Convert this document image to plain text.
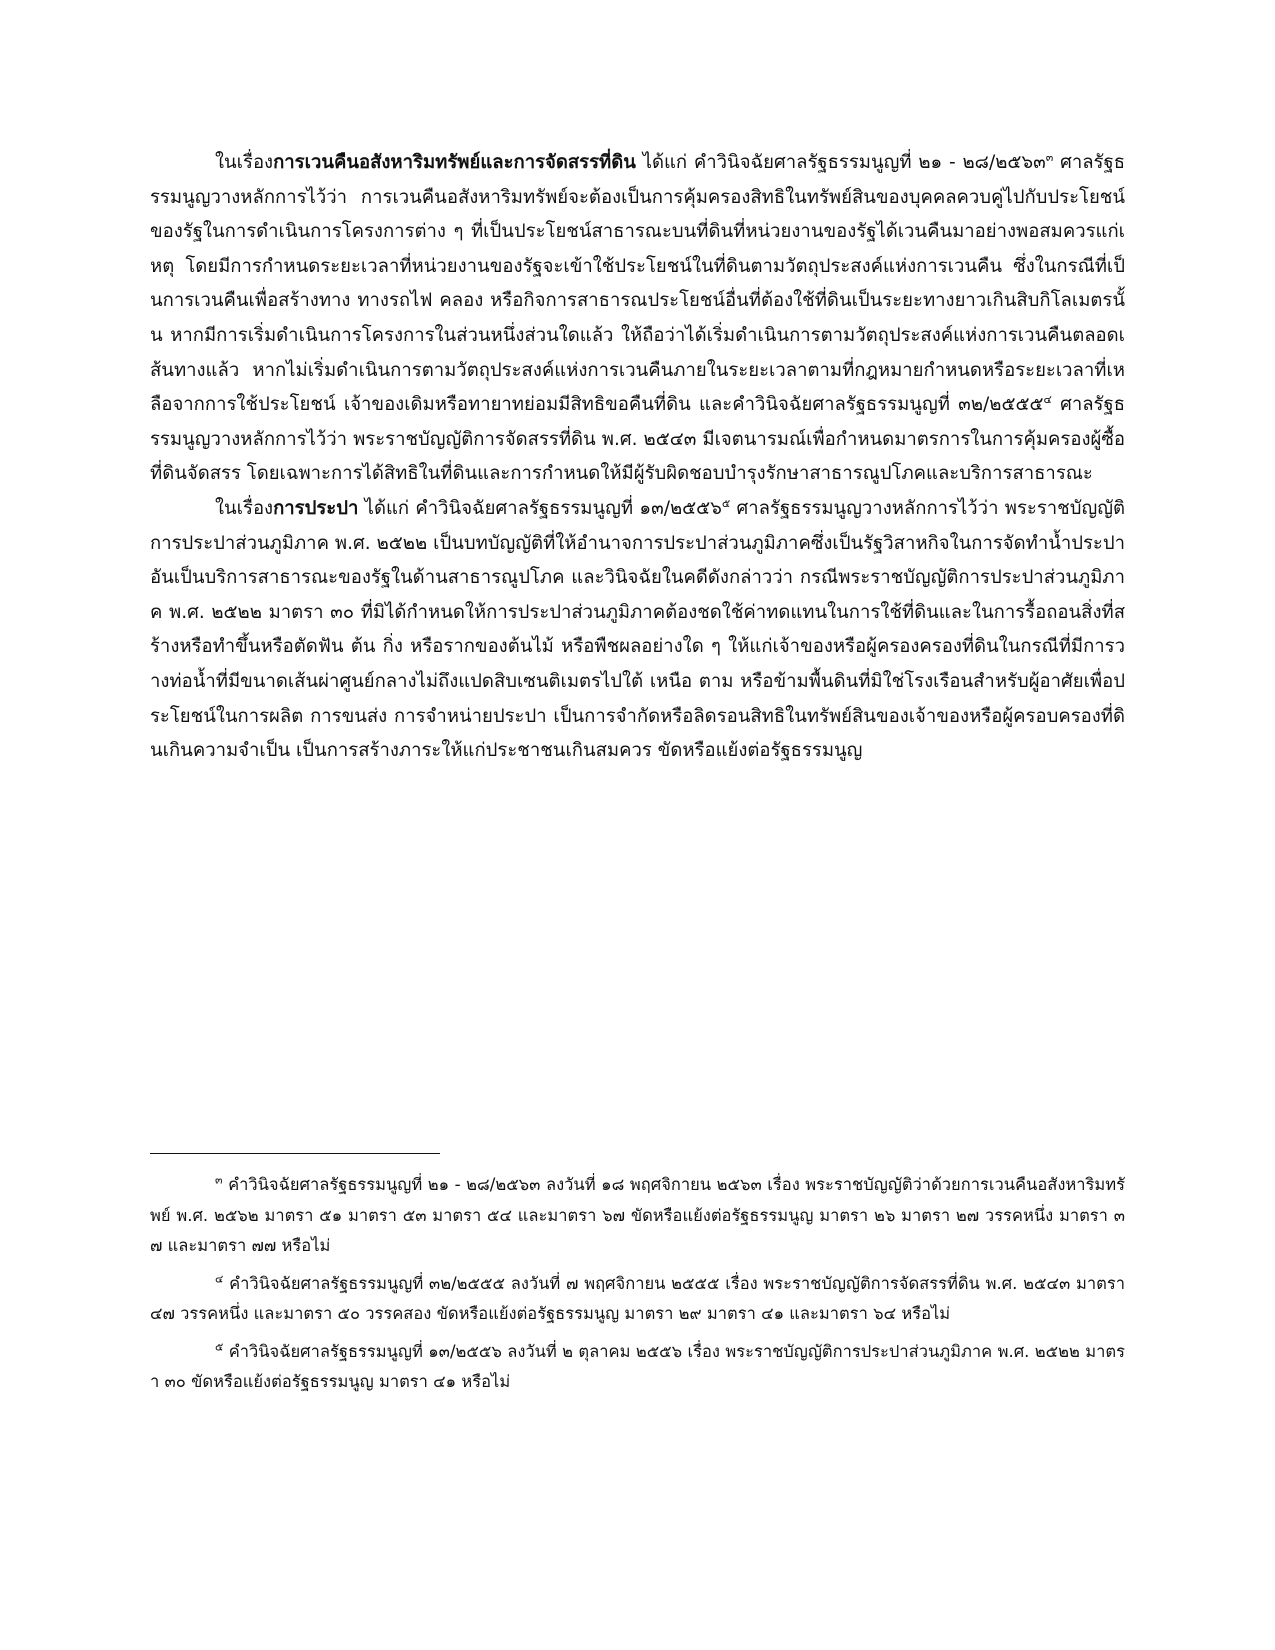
ในเรื่องการเวนคืนอสังหาริมทรัพย์และการจัดสรรที่ดิน ได้แก่ คำวินิจฉัยศาลรัฐธรรมนูญที่ ๒๑ - ๒๘/๒๕๖๓$^๓$ ศาลรัฐธรรมนูญวางหลักการไว้ว่า การเวนคืนอสังหาริมทรัพย์จะต้องเป็นการคุ้มครองสิทธิในทรัพย์สินของบุคคลควบคู่ไปกับประโยชน์ของรัฐในการดำเนินการโครงการต่าง ๆ ที่เป็นประโยชน์สาธารณะบนที่ดินที่หน่วยงานของรัฐได้เวนคืนมาอย่างพอสมควรแก่เหตุ โดยมีการกำหนดระยะเวลาที่หน่วยงานของรัฐจะเข้าใช้ประโยชน์ในที่ดินตามวัตถุประสงค์แห่งการเวนคืน ซึ่งในกรณีที่เป็นการเวนคืนเพื่อสร้างทาง ทางรถไฟ คลอง หรือกิจการสาธารณประโยชน์อื่นที่ต้องใช้ที่ดินเป็นระยะทางยาวเกินสิบกิโลเมตรนั้น หากมีการเริ่มดำเนินการโครงการในส่วนหนึ่งส่วนใดแล้ว ให้ถือว่าได้เริ่มดำเนินการตามวัตถุประสงค์แห่งการเวนคืนตลอดเส้นทางแล้ว หากไม่เริ่มดำเนินการตามวัตถุประสงค์แห่งการเวนคืนภายในระยะเวลาตามที่กฎหมายกำหนดหรือระยะเวลาที่เหลือจากการใช้ประโยชน์ เจ้าของเดิมหรือทายาทย่อมมีสิทธิขอคืนที่ดิน และคำวินิจฉัยศาลรัฐธรรมนูญที่ ๓๒/๒๕๕๕$^๔$ ศาลรัฐธรรมนูญวางหลักการไว้ว่า พระราชบัญญัติการจัดสรรที่ดิน พ.ศ. ๒๕๔๓ มีเจตนารมณ์เพื่อกำหนดมาตรการในการคุ้มครองผู้ซื้อที่ดินจัดสรร โดยเฉพาะการได้สิทธิในที่ดินและการกำหนดให้มีผู้รับผิดชอบบำรุงรักษาสาธารณูปโภคและบริการสาธารณะ

ในเรื่องการประปา ได้แก่ คำวินิจฉัยศาลรัฐธรรมนูญที่ ๑๓/๒๕๕๖$^๕$ ศาลรัฐธรรมนูญวางหลักการไว้ว่า พระราชบัญญัติการประปาส่วนภูมิภาค พ.ศ. ๒๕๒๒ เป็นบทบัญญัติที่ให้อำนาจการประปาส่วนภูมิภาคซึ่งเป็นรัฐวิสาหกิจในการจัดทำน้ำประปา อันเป็นบริการสาธารณะของรัฐในด้านสาธารณูปโภค และวินิจฉัยในคดีดังกล่าวว่า กรณีพระราชบัญญัติการประปาส่วนภูมิภาค พ.ศ. ๒๕๒๒ มาตรา ๓๐ ที่มิได้กำหนดให้การประปาส่วนภูมิภาคต้องชดใช้ค่าทดแทนในการใช้ที่ดินและในการรื้อถอนสิ่งที่สร้างหรือทำขึ้นหรือตัดฟัน ต้น กิ่ง หรือรากของต้นไม้ หรือพืชผลอย่างใด ๆ ให้แก่เจ้าของหรือผู้ครองครองที่ดินในกรณีที่มีการวางท่อน้ำที่มีขนาดเส้นผ่าศูนย์กลางไม่ถึงแปดสิบเซนติเมตรไปใต้ เหนือ ตาม หรือข้ามพื้นดินที่มิใช่โรงเรือนสำหรับผู้อาศัยเพื่อประโยชน์ในการผลิต การขนส่ง การจำหน่ายประปา เป็นการจำกัดหรือลิดรอนสิทธิในทรัพย์สินของเจ้าของหรือผู้ครอบครองที่ดินเกินความจำเป็น เป็นการสร้างภาระให้แก่ประชาชนเกินสมควร ขัดหรือแย้งต่อรัฐธรรมนูญ

$^๓$ คำวินิจฉัยศาลรัฐธรรมนูญที่ ๒๑ - ๒๘/๒๕๖๓ ลงวันที่ ๑๘ พฤศจิกายน ๒๕๖๓ เรื่อง พระราชบัญญัติว่าด้วยการเวนคืนอสังหาริมทรัพย์ พ.ศ. ๒๕๖๒ มาตรา ๕๑ มาตรา ๕๓ มาตรา ๕๔ และมาตรา ๖๗ ขัดหรือแย้งต่อรัฐธรรมนูญ มาตรา ๒๖ มาตรา ๒๗ วรรคหนึ่ง มาตรา ๓๗ และมาตรา ๗๗ หรือไม่

$^๔$ คำวินิจฉัยศาลรัฐธรรมนูญที่ ๓๒/๒๕๕๕ ลงวันที่ ๗ พฤศจิกายน ๒๕๕๕ เรื่อง พระราชบัญญัติการจัดสรรที่ดิน พ.ศ. ๒๕๔๓ มาตรา ๔๗ วรรคหนึ่ง และมาตรา ๕๐ วรรคสอง ขัดหรือแย้งต่อรัฐธรรมนูญ มาตรา ๒๙ มาตรา ๔๑ และมาตรา ๖๔ หรือไม่

$^๕$ คำวินิจฉัยศาลรัฐธรรมนูญที่ ๑๓/๒๕๕๖ ลงวันที่ ๒ ตุลาคม ๒๕๕๖ เรื่อง พระราชบัญญัติการประปาส่วนภูมิภาค พ.ศ. ๒๕๒๒ มาตรา ๓๐ ขัดหรือแย้งต่อรัฐธรรมนูญ มาตรา ๔๑ หรือไม่
